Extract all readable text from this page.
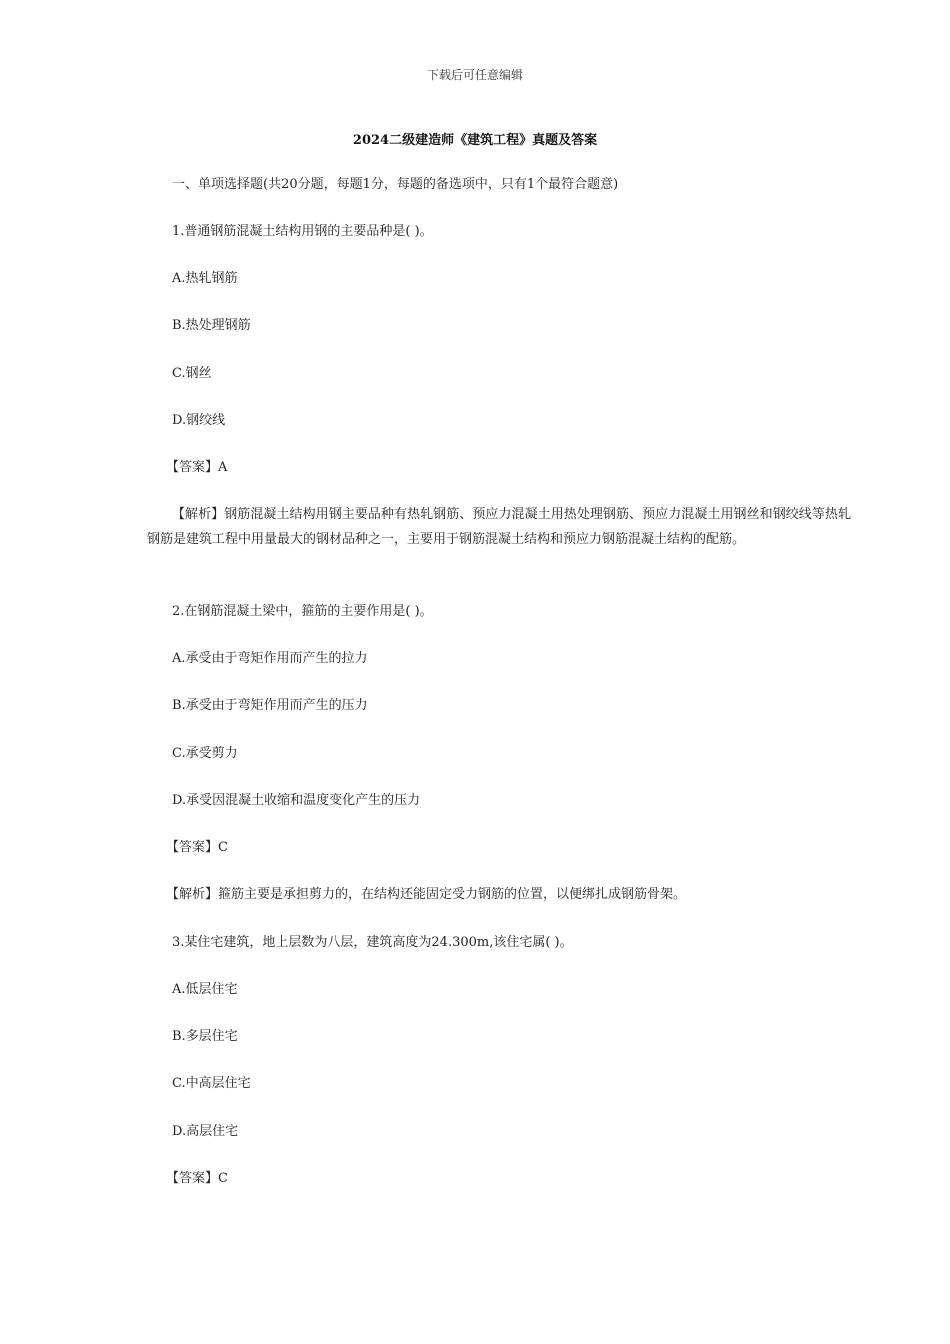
下载后可任意编辑
2024二级建造师《建筑工程》真题及答案
一、单项选择题(共20分题，每题1分，每题的备选项中，只有1个最符合题意)
1.普通钢筋混凝土结构用钢的主要品种是( )。
A.热轧钢筋
B.热处理钢筋
C.钢丝
D.钢绞线
【答案】A
【解析】钢筋混凝土结构用钢主要品种有热轧钢筋、预应力混凝土用热处理钢筋、预应力混凝土用钢丝和钢绞线等热轧钢筋是建筑工程中用量最大的钢材品种之一，主要用于钢筋混凝土结构和预应力钢筋混凝土结构的配筋。
2.在钢筋混凝土梁中，箍筋的主要作用是( )。
A.承受由于弯矩作用而产生的拉力
B.承受由于弯矩作用而产生的压力
C.承受剪力
D.承受因混凝土收缩和温度变化产生的压力
【答案】C
【解析】箍筋主要是承担剪力的，在结构还能固定受力钢筋的位置，以便绑扎成钢筋骨架。
3.某住宅建筑，地上层数为八层，建筑高度为24.300m,该住宅属( )。
A.低层住宅
B.多层住宅
C.中高层住宅
D.高层住宅
【答案】C
